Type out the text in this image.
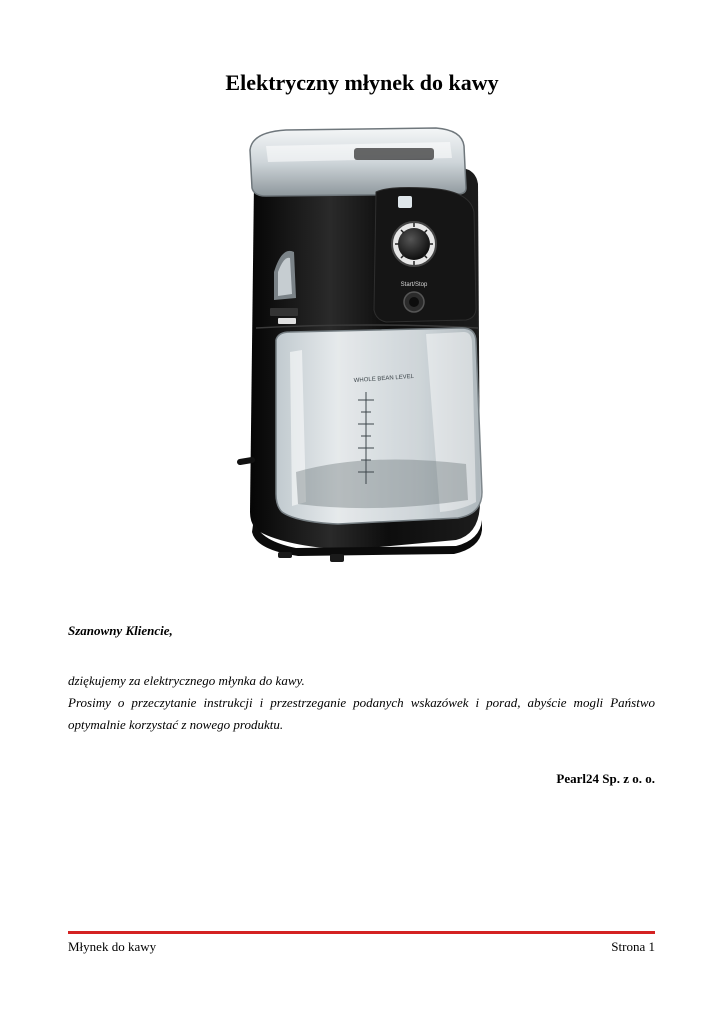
Elektryczny młynek do kawy
Start/Stop
WHOLE BEAN LEVEL

Szanowny Kliencie,

dziękujemy za elektrycznego młynka do kawy.

Prosimy o przeczytanie instrukcji i przestrzeganie podanych wskazówek i porad, abyście mogli Państwo optymalnie korzystać z nowego produktu.

Pearl24 Sp. z o. o.

Młynek do kawy	Strona 1
